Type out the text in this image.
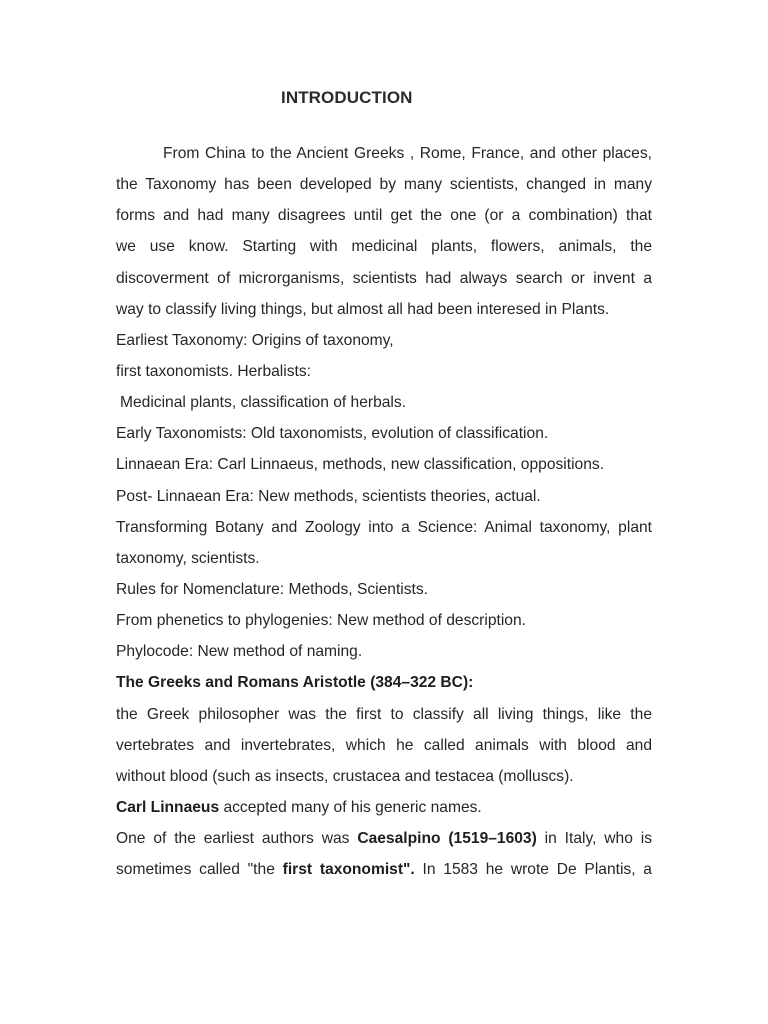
INTRODUCTION
From China to the Ancient Greeks , Rome, France, and other places,
the Taxonomy has been developed by many scientists, changed in many
forms and had many disagrees until get the one (or a combination) that
we use know. Starting with medicinal plants, flowers, animals, the
discoverment of microrganisms, scientists had always search or invent a
way to classify living things, but almost all had been interesed in Plants.
Earliest Taxonomy: Origins of taxonomy,
first taxonomists. Herbalists:
Medicinal plants, classification of herbals.
Early Taxonomists: Old taxonomists, evolution of classification.
Linnaean Era: Carl Linnaeus, methods, new classification, oppositions.
Post- Linnaean Era: New methods, scientists theories, actual.
Transforming Botany and Zoology into a Science: Animal taxonomy, plant
taxonomy, scientists.
Rules for Nomenclature: Methods, Scientists.
From phenetics to phylogenies: New method of description.
Phylocode: New method of naming.
The Greeks and Romans Aristotle (384–322 BC):
the Greek philosopher was the first to classify all living things, like the
vertebrates and invertebrates, which he called animals with blood and
without blood (such as insects, crustacea and testacea (molluscs).
Carl Linnaeus accepted many of his generic names.
One of the earliest authors was Caesalpino (1519–1603) in Italy, who is
sometimes called "the first taxonomist". In 1583 he wrote De Plantis, a
